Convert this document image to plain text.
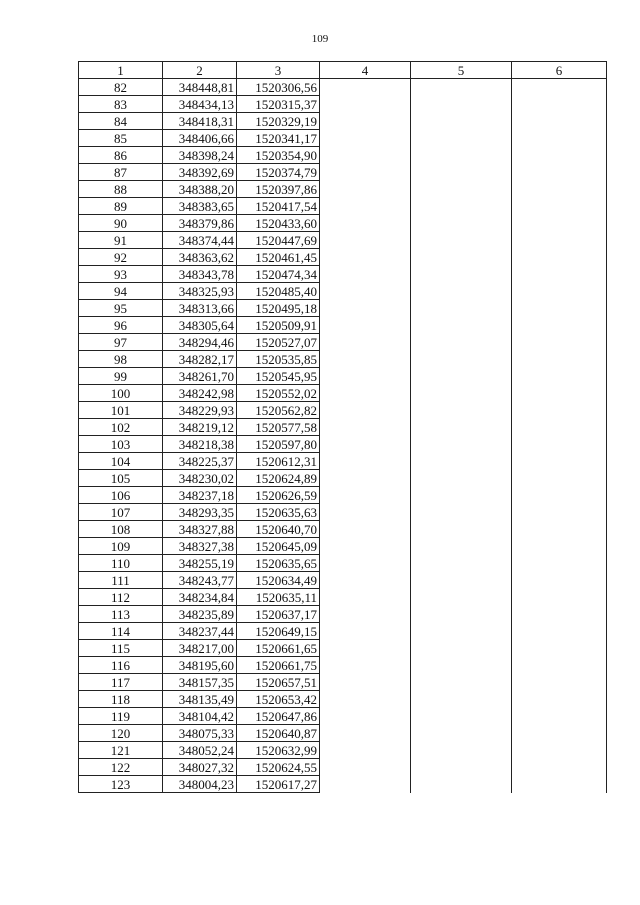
109
1	2	3	4	5	6
82	348448,81	1520306,56			
83	348434,13	1520315,37			
84	348418,31	1520329,19			
85	348406,66	1520341,17			
86	348398,24	1520354,90			
87	348392,69	1520374,79			
88	348388,20	1520397,86			
89	348383,65	1520417,54			
90	348379,86	1520433,60			
91	348374,44	1520447,69			
92	348363,62	1520461,45			
93	348343,78	1520474,34			
94	348325,93	1520485,40			
95	348313,66	1520495,18			
96	348305,64	1520509,91			
97	348294,46	1520527,07			
98	348282,17	1520535,85			
99	348261,70	1520545,95			
100	348242,98	1520552,02			
101	348229,93	1520562,82			
102	348219,12	1520577,58			
103	348218,38	1520597,80			
104	348225,37	1520612,31			
105	348230,02	1520624,89			
106	348237,18	1520626,59			
107	348293,35	1520635,63			
108	348327,88	1520640,70			
109	348327,38	1520645,09			
110	348255,19	1520635,65			
111	348243,77	1520634,49			
112	348234,84	1520635,11			
113	348235,89	1520637,17			
114	348237,44	1520649,15			
115	348217,00	1520661,65			
116	348195,60	1520661,75			
117	348157,35	1520657,51			
118	348135,49	1520653,42			
119	348104,42	1520647,86			
120	348075,33	1520640,87			
121	348052,24	1520632,99			
122	348027,32	1520624,55			
123	348004,23	1520617,27			
